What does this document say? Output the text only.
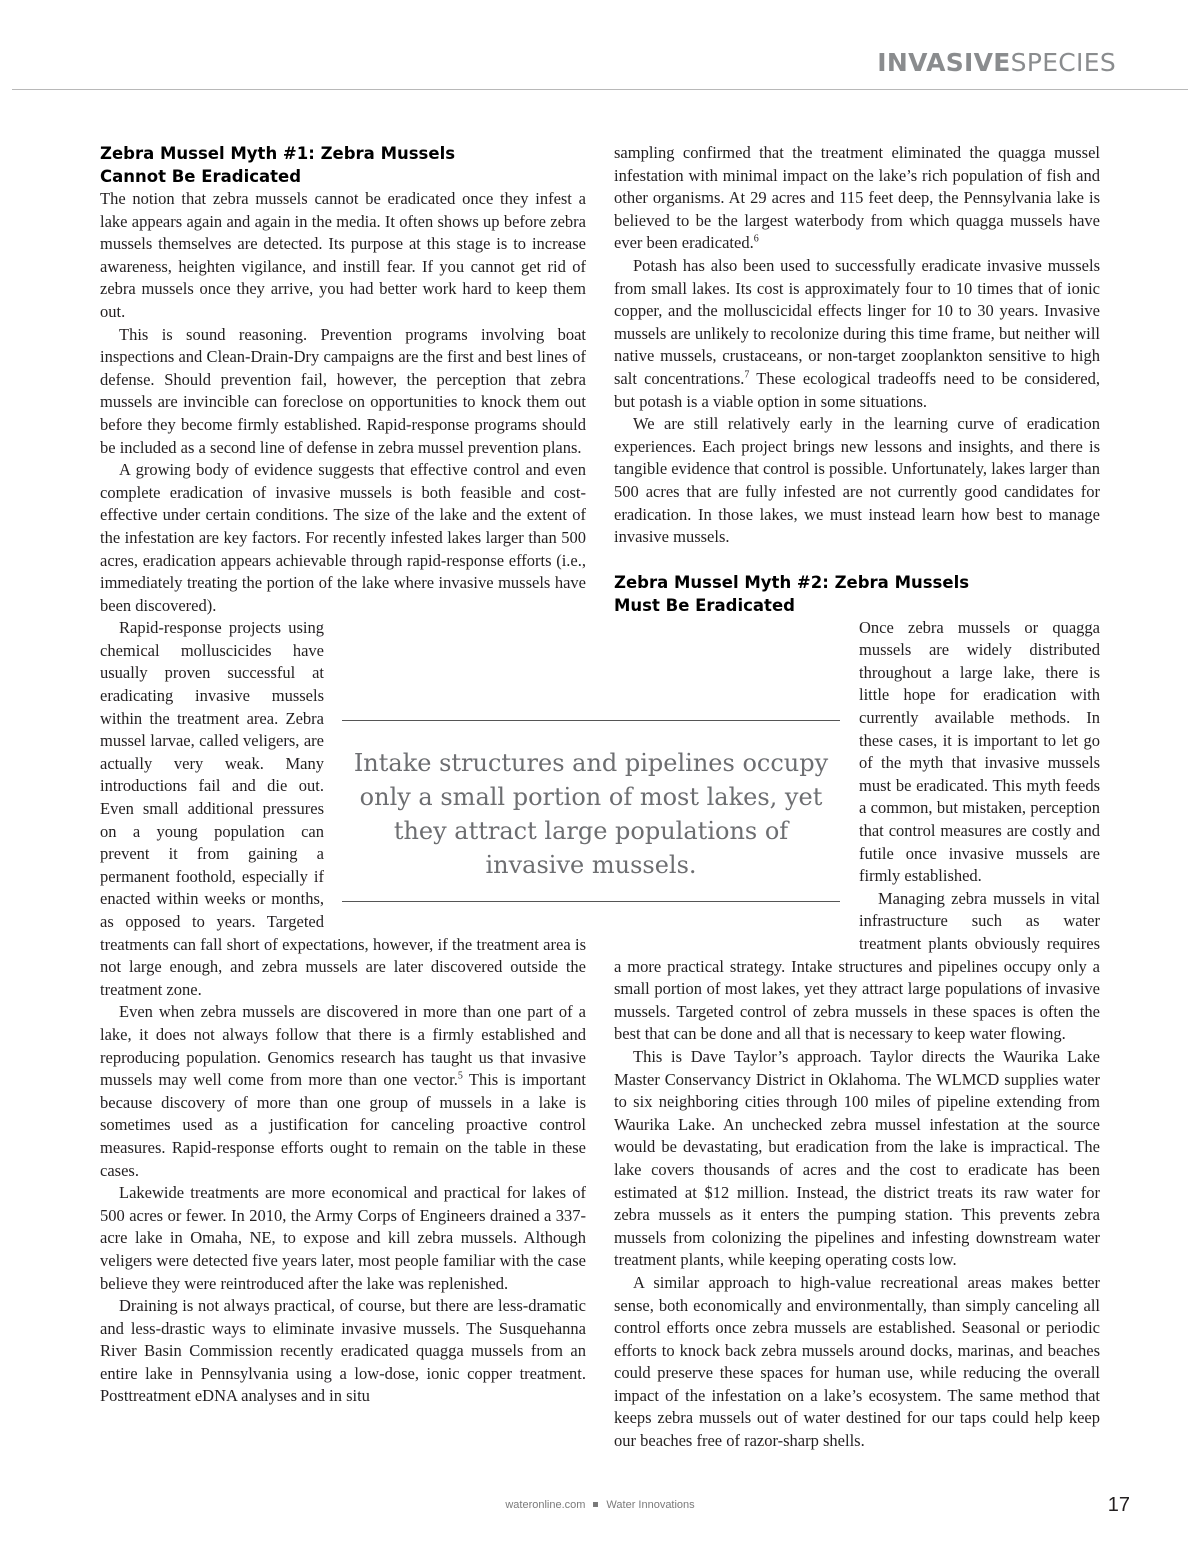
INVASIVESPECIES
Zebra Mussel Myth #1: Zebra Mussels
Cannot Be Eradicated

The notion that zebra mussels cannot be eradicated once they infest a lake appears again and again in the media. It often shows up before zebra mussels themselves are detected. Its purpose at this stage is to increase awareness, heighten vigilance, and instill fear. If you cannot get rid of zebra mussels once they arrive, you had better work hard to keep them out.

This is sound reasoning. Prevention programs involving boat inspections and Clean-Drain-Dry campaigns are the first and best lines of defense. Should prevention fail, however, the perception that zebra mussels are invincible can foreclose on opportunities to knock them out before they become firmly established. Rapid-response programs should be included as a second line of defense in zebra mussel prevention plans.

A growing body of evidence suggests that effective control and even complete eradication of invasive mussels is both feasible and cost-effective under certain conditions. The size of the lake and the extent of the infestation are key factors. For recently infested lakes larger than 500 acres, eradication appears achievable through rapid-response efforts (i.e., immediately treating the portion of the lake where invasive mussels have been discovered).

Rapid-response projects using chemical molluscicides have usually proven successful at eradicating invasive mussels within the treatment area. Zebra mussel larvae, called veligers, are actually very weak. Many introductions fail and die out. Even small additional pressures on a young population can prevent it from gaining a permanent foothold, especially if enacted within weeks or months, as opposed to years. Targeted treatments can fall short of expectations, however, if the treatment area is not large enough, and zebra mussels are later discovered outside the treatment zone.

Even when zebra mussels are discovered in more than one part of a lake, it does not always follow that there is a firmly established and reproducing population. Genomics research has taught us that invasive mussels may well come from more than one vector.$^5$ This is important because discovery of more than one group of mussels in a lake is sometimes used as a justification for canceling proactive control measures. Rapid-response efforts ought to remain on the table in these cases.

Lakewide treatments are more economical and practical for lakes of 500 acres or fewer. In 2010, the Army Corps of Engineers drained a 337-acre lake in Omaha, NE, to expose and kill zebra mussels. Although veligers were detected five years later, most people familiar with the case believe they were reintroduced after the lake was replenished.

Draining is not always practical, of course, but there are less-dramatic and less-drastic ways to eliminate invasive mussels. The Susquehanna River Basin Commission recently eradicated quagga mussels from an entire lake in Pennsylvania using a low-dose, ionic copper treatment. Posttreatment eDNA analyses and in situ

sampling confirmed that the treatment eliminated the quagga mussel infestation with minimal impact on the lake’s rich population of fish and other organisms. At 29 acres and 115 feet deep, the Pennsylvania lake is believed to be the largest waterbody from which quagga mussels have ever been eradicated.$^6$

Potash has also been used to successfully eradicate invasive mussels from small lakes. Its cost is approximately four to 10 times that of ionic copper, and the molluscicidal effects linger for 10 to 30 years. Invasive mussels are unlikely to recolonize during this time frame, but neither will native mussels, crustaceans, or non-target zooplankton sensitive to high salt concentrations.$^7$ These ecological tradeoffs need to be considered, but potash is a viable option in some situations.

We are still relatively early in the learning curve of eradication experiences. Each project brings new lessons and insights, and there is tangible evidence that control is possible. Unfortunately, lakes larger than 500 acres that are fully infested are not currently good candidates for eradication. In those lakes, we must instead learn how best to manage invasive mussels.

Zebra Mussel Myth #2: Zebra Mussels
Must Be Eradicated

Once zebra mussels or quagga mussels are widely distributed throughout a large lake, there is little hope for eradication with currently available methods. In these cases, it is important to let go of the myth that invasive mussels must be eradicated. This myth feeds a common, but mistaken, perception that control measures are costly and futile once invasive mussels are firmly established.

Managing zebra mussels in vital infrastructure such as water treatment plants obviously requires a more practical strategy. Intake structures and pipelines occupy only a small portion of most lakes, yet they attract large populations of invasive mussels. Targeted control of zebra mussels in these spaces is often the best that can be done and all that is necessary to keep water flowing.

This is Dave Taylor’s approach. Taylor directs the Waurika Lake Master Conservancy District in Oklahoma. The WLMCD supplies water to six neighboring cities through 100 miles of pipeline extending from Waurika Lake. An unchecked zebra mussel infestation at the source would be devastating, but eradication from the lake is impractical. The lake covers thousands of acres and the cost to eradicate has been estimated at $12 million. Instead, the district treats its raw water for zebra mussels as it enters the pumping station. This prevents zebra mussels from colonizing the pipelines and infesting downstream water treatment plants, while keeping operating costs low.

A similar approach to high-value recreational areas makes better sense, both economically and environmentally, than simply canceling all control efforts once zebra mussels are established. Seasonal or periodic efforts to knock back zebra mussels around docks, marinas, and beaches could preserve these spaces for human use, while reducing the overall impact of the infestation on a lake’s ecosystem. The same method that keeps zebra mussels out of water destined for our taps could help keep our beaches free of razor-sharp shells.

Intake structures and pipelines occupy only a small portion of most lakes, yet they attract large populations of invasive mussels.
wateronline.com Water Innovations	17
